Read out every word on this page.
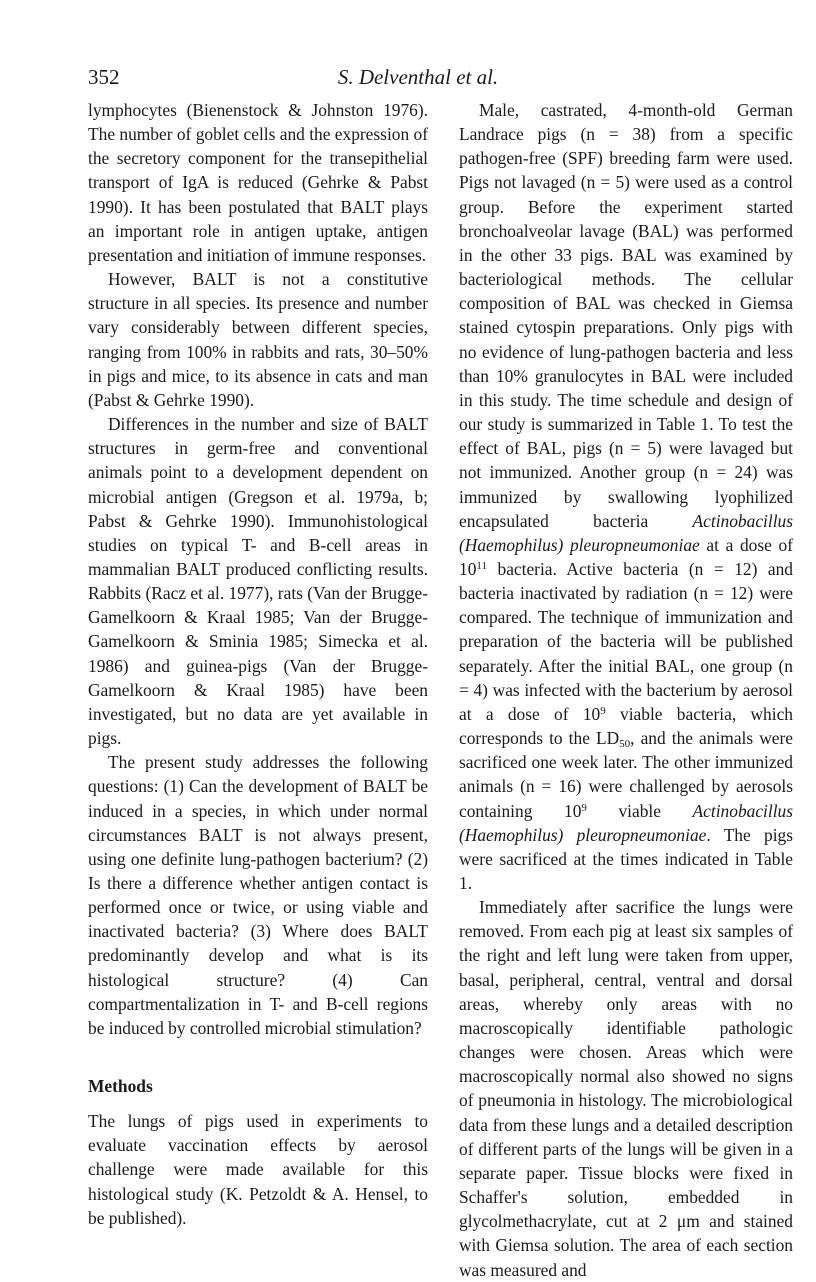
352	S. Delventhal et al.

lymphocytes (Bienenstock & Johnston 1976). The number of goblet cells and the expression of the secretory component for the transepithelial transport of IgA is reduced (Gehrke & Pabst 1990). It has been postulated that BALT plays an important role in antigen uptake, antigen presentation and initiation of immune responses.

However, BALT is not a constitutive structure in all species. Its presence and number vary considerably between different species, ranging from 100% in rabbits and rats, 30–50% in pigs and mice, to its absence in cats and man (Pabst & Gehrke 1990).

Differences in the number and size of BALT structures in germ-free and conventional animals point to a development dependent on microbial antigen (Gregson et al. 1979a, b; Pabst & Gehrke 1990). Immunohistological studies on typical T- and B-cell areas in mammalian BALT produced conflicting results. Rabbits (Racz et al. 1977), rats (Van der Brugge-Gamelkoorn & Kraal 1985; Van der Brugge-Gamelkoorn & Sminia 1985; Simecka et al. 1986) and guinea-pigs (Van der Brugge-Gamelkoorn & Kraal 1985) have been investigated, but no data are yet available in pigs.

The present study addresses the following questions: (1) Can the development of BALT be induced in a species, in which under normal circumstances BALT is not always present, using one definite lung-pathogen bacterium? (2) Is there a difference whether antigen contact is performed once or twice, or using viable and inactivated bacteria? (3) Where does BALT predominantly develop and what is its histological structure? (4) Can compartmentalization in T- and B-cell regions be induced by controlled microbial stimulation?

Methods

The lungs of pigs used in experiments to evaluate vaccination effects by aerosol challenge were made available for this histological study (K. Petzoldt & A. Hensel, to be published).

Male, castrated, 4-month-old German Landrace pigs (n = 38) from a specific pathogen-free (SPF) breeding farm were used. Pigs not lavaged (n = 5) were used as a control group. Before the experiment started bronchoalveolar lavage (BAL) was performed in the other 33 pigs. BAL was examined by bacteriological methods. The cellular composition of BAL was checked in Giemsa stained cytospin preparations. Only pigs with no evidence of lung-pathogen bacteria and less than 10% granulocytes in BAL were included in this study. The time schedule and design of our study is summarized in Table 1. To test the effect of BAL, pigs (n = 5) were lavaged but not immunized. Another group (n = 24) was immunized by swallowing lyophilized encapsulated bacteria Actinobacillus (Haemophilus) pleuropneumoniae at a dose of $10^{11}$ bacteria. Active bacteria (n = 12) and bacteria inactivated by radiation (n = 12) were compared. The technique of immunization and preparation of the bacteria will be published separately. After the initial BAL, one group (n = 4) was infected with the bacterium by aerosol at a dose of $10^9$ viable bacteria, which corresponds to the $LD_{50}$, and the animals were sacrificed one week later. The other immunized animals (n = 16) were challenged by aerosols containing $10^9$ viable Actinobacillus (Haemophilus) pleuropneumoniae. The pigs were sacrificed at the times indicated in Table 1.

Immediately after sacrifice the lungs were removed. From each pig at least six samples of the right and left lung were taken from upper, basal, peripheral, central, ventral and dorsal areas, whereby only areas with no macroscopically identifiable pathologic changes were chosen. Areas which were macroscopically normal also showed no signs of pneumonia in histology. The microbiological data from these lungs and a detailed description of different parts of the lungs will be given in a separate paper. Tissue blocks were fixed in Schaffer's solution, embedded in glycolmethacrylate, cut at 2 μm and stained with Giemsa solution. The area of each section was measured and
